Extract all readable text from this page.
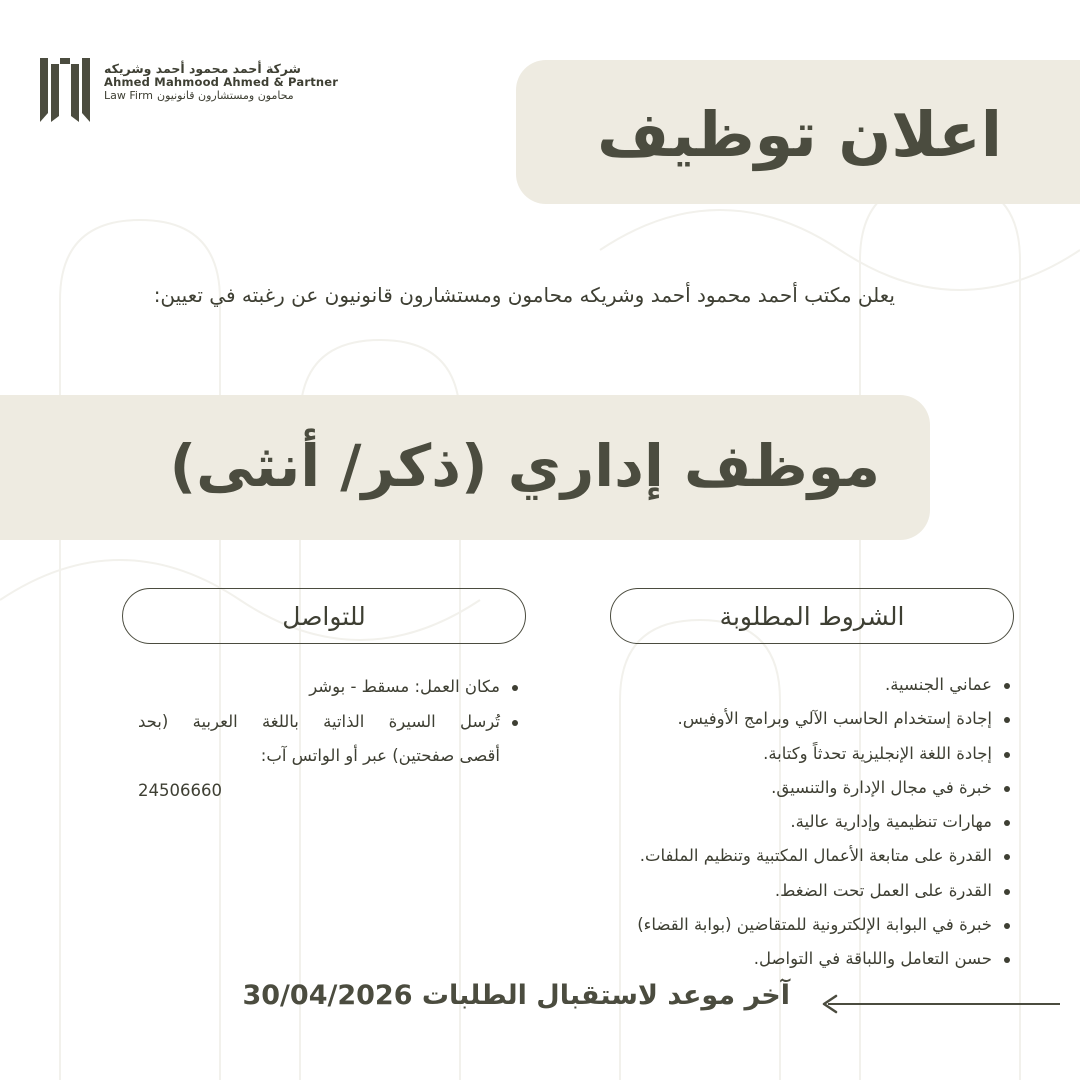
شركة أحمد محمود أحمد وشريكه
Ahmed Mahmood Ahmed & Partner
Law Firm محامون ومستشارون قانونيون
اعلان توظيف

يعلن مكتب أحمد محمود أحمد وشريكه محامون ومستشارون قانونيون عن رغبته في تعيين:

موظف إداري (ذكر/ أنثى)
الشروط المطلوبة
للتواصل
عماني الجنسية.
إجادة إستخدام الحاسب الآلي وبرامج الأوفيس.
إجادة اللغة الإنجليزية تحدثاً وكتابة.
خبرة في مجال الإدارة والتنسيق.
مهارات تنظيمية وإدارية عالية.
القدرة على متابعة الأعمال المكتبية وتنظيم الملفات.
القدرة على العمل تحت الضغط.
خبرة في البوابة الإلكترونية للمتقاضين (بوابة القضاء)
حسن التعامل واللباقة في التواصل.
مكان العمل: مسقط - بوشر
تُرسل السيرة الذاتية باللغة العربية (بحد
أقصى صفحتين) عبر أو الواتس آب:
24506660

آخر موعد لاستقبال الطلبات 30/04/2026
